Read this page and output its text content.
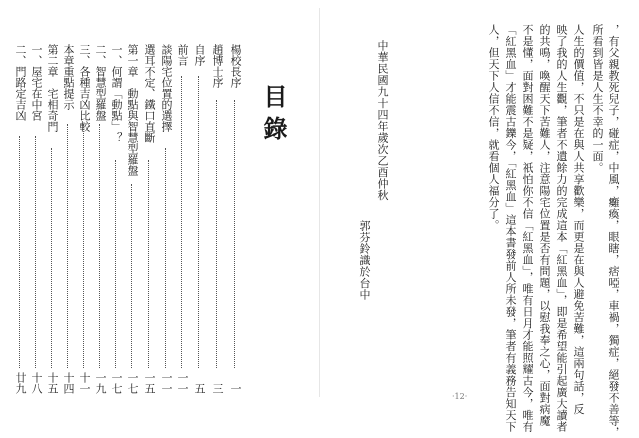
，有父親教死兒子，碰症，中風，癱瘓，眼瞎，痞啞，車禍，獨症，絕發不善等，
所看到皆是人生不幸的一面。
人生的價值，不只是在與人共享歡樂，而更是在與人避免苦難，這兩句話，反
映了我的人生觀，筆者不遺餘力的完成這本「紅黑血」，即是希望能引起廣大讀者
的共鳴，喚醒天下苦難人，注意陽宅位置是否有問題，以慰我奉之心，面對病魔
不是懂，面對困難不是疑，祇怕你不信「紅黑血」，唯有日月才能照耀古今，唯有
「紅黑血」才能震古鑠今，「紅黑血」這本書發前人所未發，筆者有義務告知天下
人，但天下人信不信，就看個人福分了。
中華民國九十四年歲次乙酉仲秋
郭芬鈴識於台中
目錄
楊校長序
一
趙博士序
三
自序
五
前言
一一
談陽宅位置的選擇
一一
選耳不定、鐵口直斷
一五
第一章　動點與智慧型羅盤
一七
一、何謂「動點」？
一七
二、智慧型羅盤
一九
三、各種吉凶比較
十一
本章重點提示
十四
第二章　宅相奇門
十五
一、屋宅在中宮
十八
二、門路定吉凶
廿九
·12·
